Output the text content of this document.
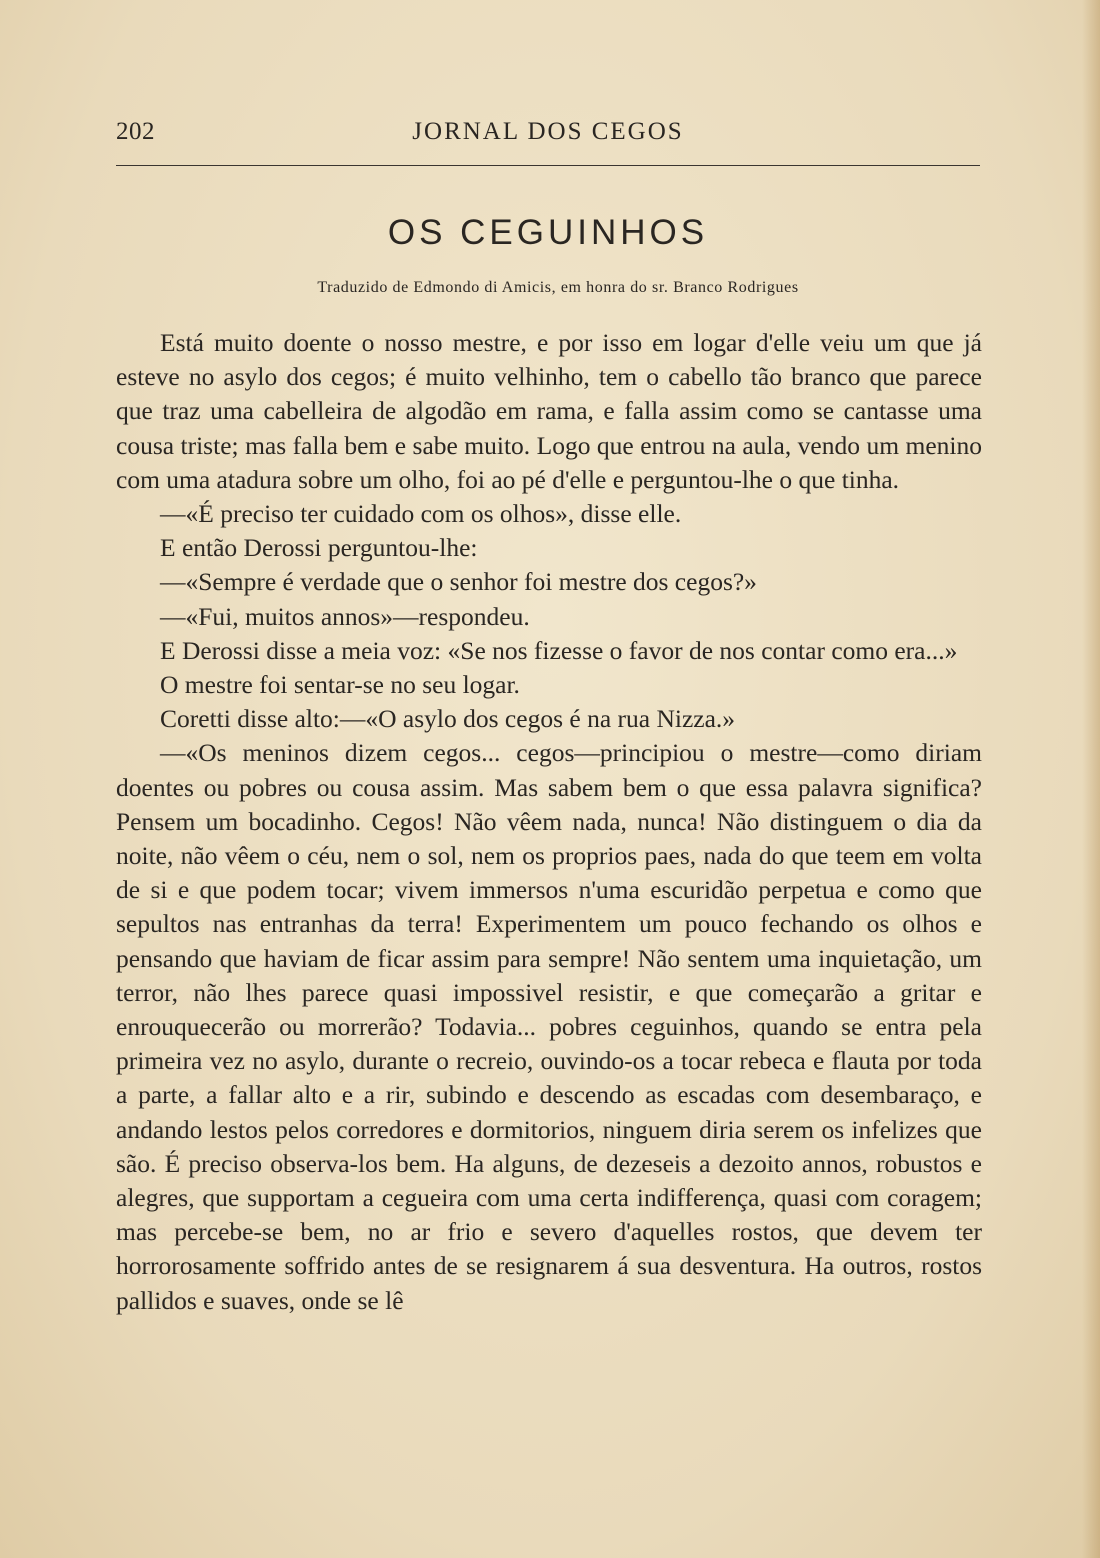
202	JORNAL DOS CEGOS
OS CEGUINHOS
Traduzido de Edmondo di Amicis, em honra do sr. Branco Rodrigues

Está muito doente o nosso mestre, e por isso em logar d'elle veiu um que já esteve no asylo dos cegos; é muito velhinho, tem o cabello tão branco que parece que traz uma cabelleira de algodão em rama, e falla assim como se cantasse uma cousa triste; mas falla bem e sabe muito. Logo que entrou na aula, vendo um menino com uma atadura sobre um olho, foi ao pé d'elle e perguntou-lhe o que tinha.

—«É preciso ter cuidado com os olhos», disse elle.

E então Derossi perguntou-lhe:

—«Sempre é verdade que o senhor foi mestre dos cegos?»

—«Fui, muitos annos»—respondeu.

E Derossi disse a meia voz: «Se nos fizesse o favor de nos contar como era...»

O mestre foi sentar-se no seu logar.

Coretti disse alto:—«O asylo dos cegos é na rua Nizza.»

—«Os meninos dizem cegos... cegos—principiou o mestre—como diriam doentes ou pobres ou cousa assim. Mas sabem bem o que essa palavra significa? Pensem um bocadinho. Cegos! Não vêem nada, nunca! Não distinguem o dia da noite, não vêem o céu, nem o sol, nem os proprios paes, nada do que teem em volta de si e que podem tocar; vivem immersos n'uma escuridão perpetua e como que sepultos nas entranhas da terra! Experimentem um pouco fechando os olhos e pensando que haviam de ficar assim para sempre! Não sentem uma inquietação, um terror, não lhes parece quasi impossivel resistir, e que começarão a gritar e enrouquecerão ou morrerão? Todavia... pobres ceguinhos, quando se entra pela primeira vez no asylo, durante o recreio, ouvindo-os a tocar rebeca e flauta por toda a parte, a fallar alto e a rir, subindo e descendo as escadas com desembaraço, e andando lestos pelos corredores e dormitorios, ninguem diria serem os infelizes que são. É preciso observa-los bem. Ha alguns, de dezeseis a dezoito annos, robustos e alegres, que supportam a cegueira com uma certa indifferença, quasi com coragem; mas percebe-se bem, no ar frio e severo d'aquelles rostos, que devem ter horrorosamente soffrido antes de se resignarem á sua desventura. Ha outros, rostos pallidos e suaves, onde se lê
